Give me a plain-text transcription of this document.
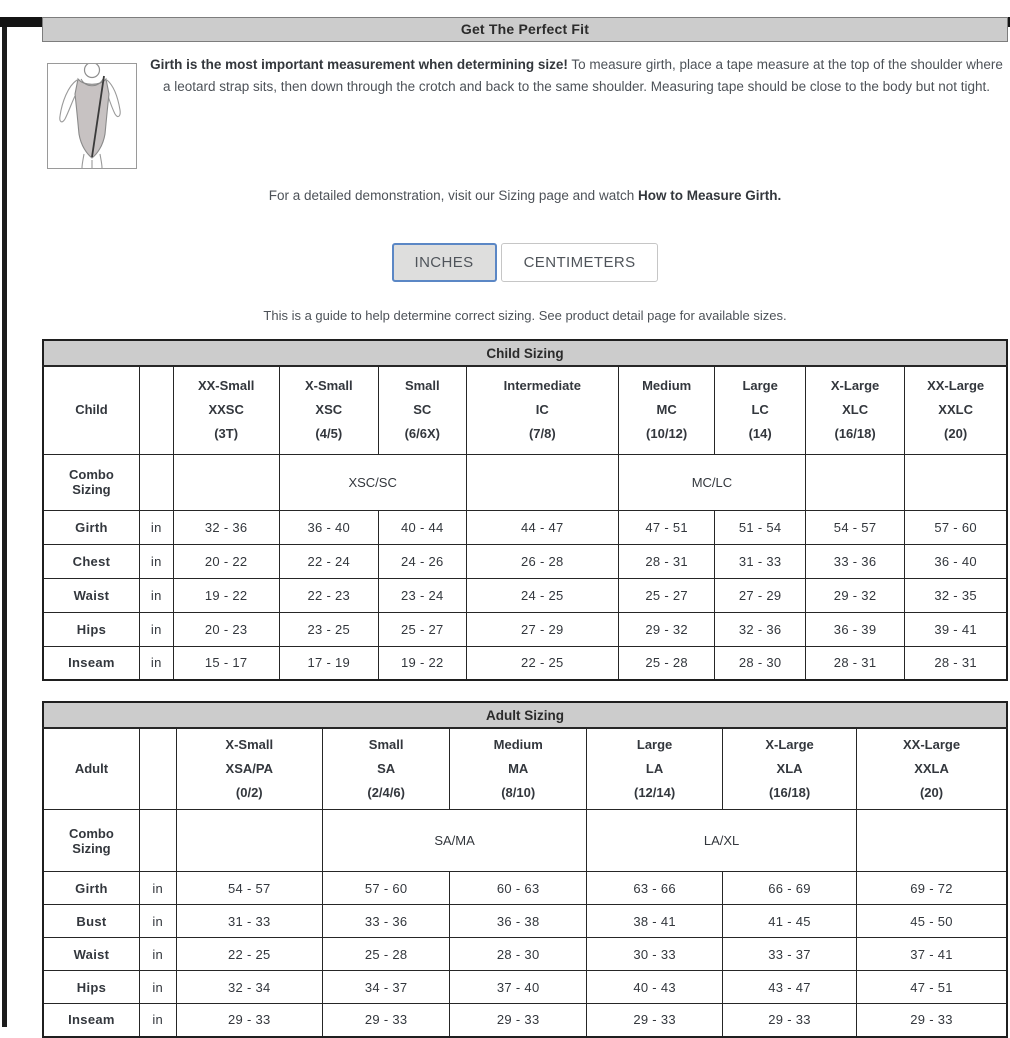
Get The Perfect Fit

Girth is the most important measurement when determining size! To measure girth, place a tape measure at the top of the shoulder where a leotard strap sits, then down through the crotch and back to the same shoulder. Measuring tape should be close to the body but not tight.

For a detailed demonstration, visit our Sizing page and watch How to Measure Girth.

INCHES	CENTIMETERS

This is a guide to help determine correct sizing. See product detail page for available sizes.

Child Sizing									
Child		XX-Small
XXSC
(3T)	X-Small
XSC
(4/5)	Small
SC
(6/6X)	Intermediate
IC
(7/8)	Medium
MC
(10/12)	Large
LC
(14)	X-Large
XLC
(16/18)	XX-Large
XXLC
(20)
Combo
Sizing			XSC/SC			MC/LC			
Girth	in	32 - 36	36 - 40	40 - 44	44 - 47	47 - 51	51 - 54	54 - 57	57 - 60
Chest	in	20 - 22	22 - 24	24 - 26	26 - 28	28 - 31	31 - 33	33 - 36	36 - 40
Waist	in	19 - 22	22 - 23	23 - 24	24 - 25	25 - 27	27 - 29	29 - 32	32 - 35
Hips	in	20 - 23	23 - 25	25 - 27	27 - 29	29 - 32	32 - 36	36 - 39	39 - 41
Inseam	in	15 - 17	17 - 19	19 - 22	22 - 25	25 - 28	28 - 30	28 - 31	28 - 31
Adult Sizing							
Adult		X-Small
XSA/PA
(0/2)	Small
SA
(2/4/6)	Medium
MA
(8/10)	Large
LA
(12/14)	X-Large
XLA
(16/18)	XX-Large
XXLA
(20)
Combo
Sizing			SA/MA		LA/XL		
Girth	in	54 - 57	57 - 60	60 - 63	63 - 66	66 - 69	69 - 72
Bust	in	31 - 33	33 - 36	36 - 38	38 - 41	41 - 45	45 - 50
Waist	in	22 - 25	25 - 28	28 - 30	30 - 33	33 - 37	37 - 41
Hips	in	32 - 34	34 - 37	37 - 40	40 - 43	43 - 47	47 - 51
Inseam	in	29 - 33	29 - 33	29 - 33	29 - 33	29 - 33	29 - 33
